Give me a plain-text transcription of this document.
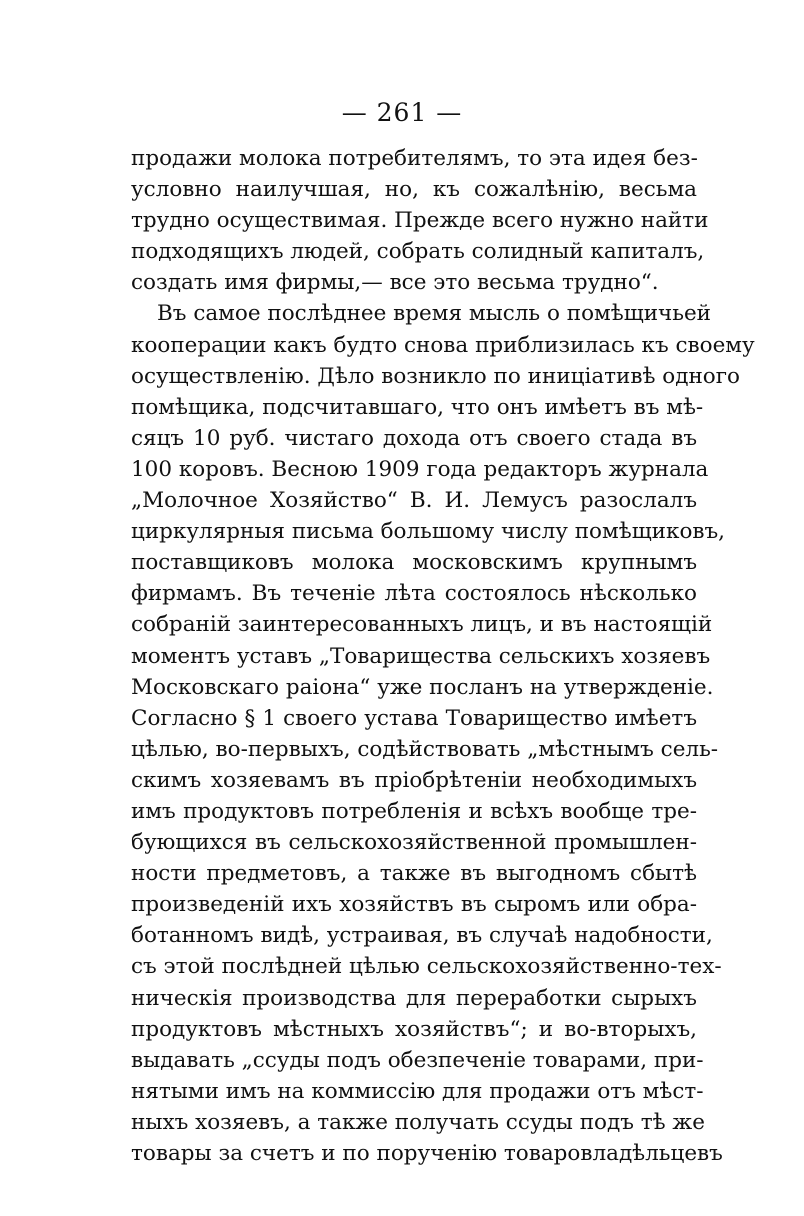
— 261 —
продажи молока потребителямъ, то эта идея без-
условно наилучшая, но, къ сожалѣнію, весьма
трудно осуществимая. Прежде всего нужно найти
подходящихъ людей, собрать солидный капиталъ,
создать имя фирмы,— все это весьма трудно“.
Въ самое послѣднее время мысль о помѣщичьей
кооперации какъ будто снова приблизилась къ своему
осуществленію. Дѣло возникло по иниціативѣ одного
помѣщика, подсчитавшаго, что онъ имѣетъ въ мѣ-
сяцъ 10 руб. чистаго дохода отъ своего стада въ
100 коровъ. Весною 1909 года редакторъ журнала
„Молочное Хозяйство“ В. И. Лемусъ разослалъ
циркулярныя письма большому числу помѣщиковъ,
поставщиковъ молока московскимъ крупнымъ
фирмамъ. Въ теченіе лѣта состоялось нѣсколько
собраній заинтересованныхъ лицъ, и въ настоящій
моментъ уставъ „Товарищества сельскихъ хозяевъ
Московскаго раіона“ уже посланъ на утвержденіе.
Согласно § 1 своего устава Товарищество имѣетъ
цѣлью, во-первыхъ, содѣйствовать „мѣстнымъ сель-
скимъ хозяевамъ въ пріобрѣтеніи необходимыхъ
имъ продуктовъ потребленія и всѣхъ вообще тре-
бующихся въ сельскохозяйственной промышлен-
ности предметовъ, а также въ выгодномъ сбытѣ
произведеній ихъ хозяйствъ въ сыромъ или обра-
ботанномъ видѣ, устраивая, въ случаѣ надобности,
съ этой послѣдней цѣлью сельскохозяйственно-тех-
ническія производства для переработки сырыхъ
продуктовъ мѣстныхъ хозяйствъ“; и во-вторыхъ,
выдавать „ссуды подъ обезпеченіе товарами, при-
нятыми имъ на коммиссію для продажи отъ мѣст-
ныхъ хозяевъ, а также получать ссуды подъ тѣ же
товары за счетъ и по порученію товаровладѣльцевъ
